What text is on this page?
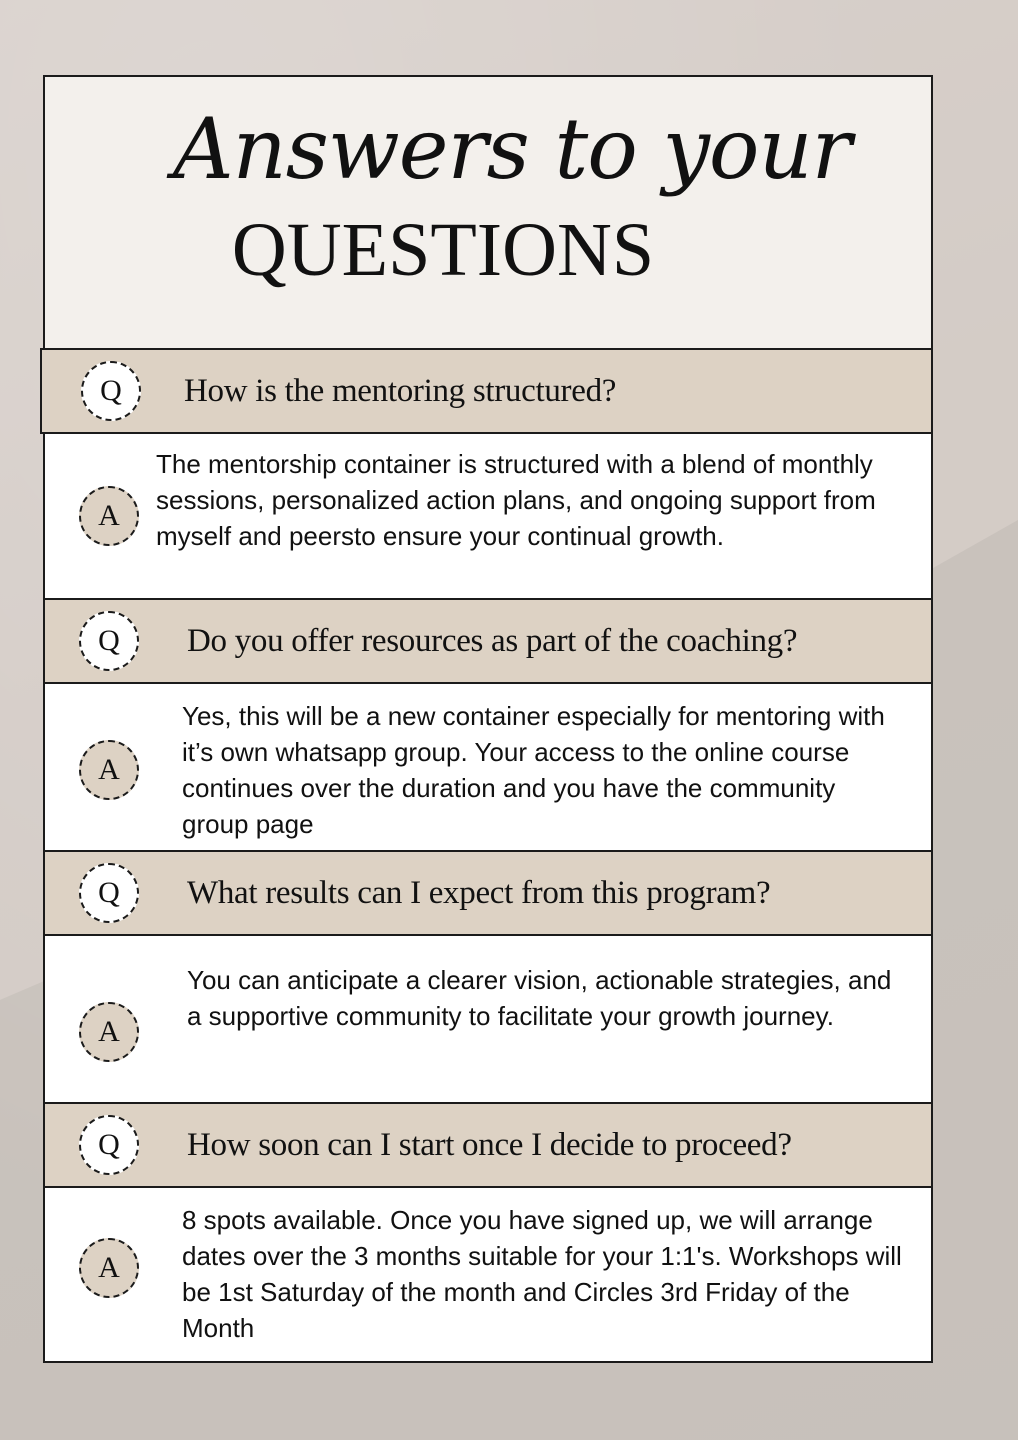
Answers to your
QUESTIONS
Q	How is the mentoring structured?
A
The mentorship container is structured with a blend of monthly sessions, personalized action plans, and ongoing support from myself and peersto ensure your continual growth.
Q	Do you offer resources as part of the coaching?
A
Yes, this will be a new container especially for mentoring with it’s own whatsapp group. Your access to the online course continues over the duration and you have the community group page
Q	What results can I expect from this program?
A
You can anticipate a clearer vision, actionable strategies, and a supportive community to facilitate your growth journey.
Q	How soon can I start once I decide to proceed?
A
8 spots available. Once you have signed up, we will arrange dates over the 3 months suitable for your 1:1's. Workshops will be 1st Saturday of the month and Circles 3rd Friday of the Month
